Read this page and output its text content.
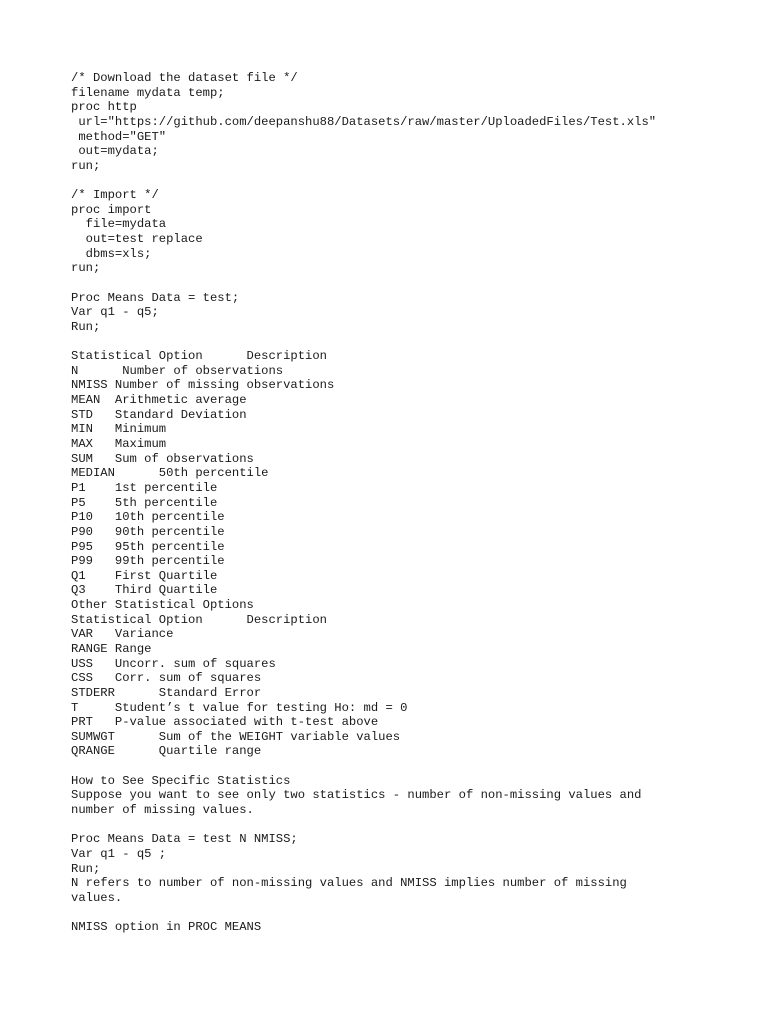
/* Download the dataset file */
filename mydata temp;
proc http
url="https://github.com/deepanshu88/Datasets/raw/master/UploadedFiles/Test.xls"
method="GET"
out=mydata;
run;
/* Import */
proc import
file=mydata
out=test replace
dbms=xls;
run;
Proc Means Data = test;
Var q1 - q5;
Run;
Statistical Option      Description
N      Number of observations
NMISS Number of missing observations
MEAN  Arithmetic average
STD   Standard Deviation
MIN   Minimum
MAX   Maximum
SUM   Sum of observations
MEDIAN      50th percentile
P1    1st percentile
P5    5th percentile
P10   10th percentile
P90   90th percentile
P95   95th percentile
P99   99th percentile
Q1    First Quartile
Q3    Third Quartile
Other Statistical Options
Statistical Option      Description
VAR   Variance
RANGE Range
USS   Uncorr. sum of squares
CSS   Corr. sum of squares
STDERR      Standard Error
T     Student’s t value for testing Ho: md = 0
PRT   P-value associated with t-test above
SUMWGT      Sum of the WEIGHT variable values
QRANGE      Quartile range
How to See Specific Statistics
Suppose you want to see only two statistics - number of non-missing values and
number of missing values.
Proc Means Data = test N NMISS;
Var q1 - q5 ;
Run;
N refers to number of non-missing values and NMISS implies number of missing
values.
NMISS option in PROC MEANS
